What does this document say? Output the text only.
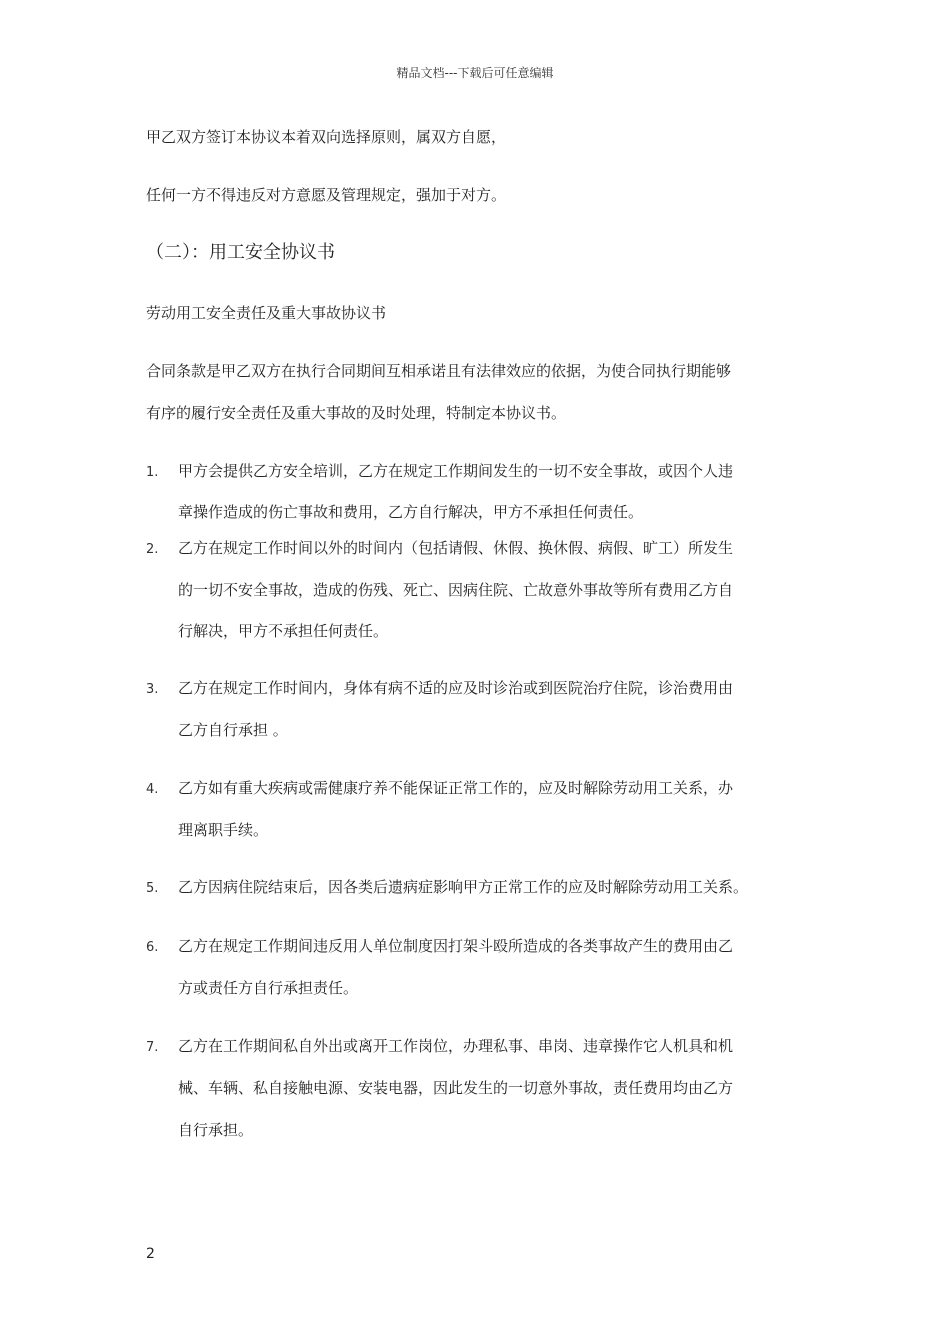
精品文档---下载后可任意编辑
甲乙双方签订本协议本着双向选择原则，属双方自愿，
任何一方不得违反对方意愿及管理规定，强加于对方。
（二）：用工安全协议书
劳动用工安全责任及重大事故协议书
合同条款是甲乙双方在执行合同期间互相承诺且有法律效应的依据，为使合同执行期能够
有序的履行安全责任及重大事故的及时处理，特制定本协议书。
1. 甲方会提供乙方安全培训，乙方在规定工作期间发生的一切不安全事故，或因个人违
章操作造成的伤亡事故和费用，乙方自行解决，甲方不承担任何责任。
2. 乙方在规定工作时间以外的时间内（包括请假、休假、换休假、病假、旷工）所发生
的一切不安全事故，造成的伤残、死亡、因病住院、亡故意外事故等所有费用乙方自
行解决，甲方不承担任何责任。
3. 乙方在规定工作时间内，身体有病不适的应及时诊治或到医院治疗住院，诊治费用由
乙方自行承担 。
4. 乙方如有重大疾病或需健康疗养不能保证正常工作的，应及时解除劳动用工关系，办
理离职手续。
5. 乙方因病住院结束后，因各类后遗病症影响甲方正常工作的应及时解除劳动用工关系。
6. 乙方在规定工作期间违反用人单位制度因打架斗殴所造成的各类事故产生的费用由乙
方或责任方自行承担责任。
7. 乙方在工作期间私自外出或离开工作岗位，办理私事、串岗、违章操作它人机具和机
械、车辆、私自接触电源、安装电器，因此发生的一切意外事故，责任费用均由乙方
自行承担。
2
